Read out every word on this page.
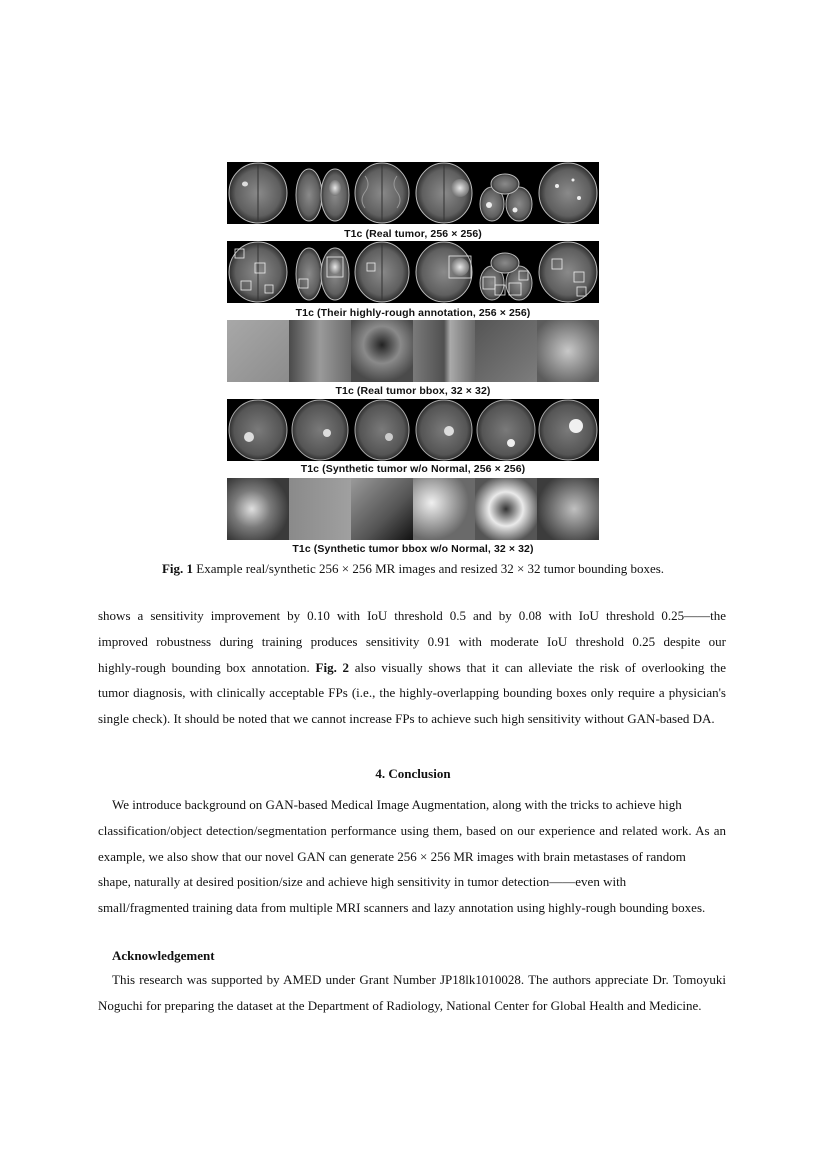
T1c (Real tumor, 256 × 256)
T1c (Their highly-rough annotation, 256 × 256)
T1c (Real tumor bbox, 32 × 32)
T1c (Synthetic tumor w/o Normal, 256 × 256)
T1c (Synthetic tumor bbox w/o Normal, 32 × 32)
Fig. 1 Example real/synthetic 256 × 256 MR images and resized 32 × 32 tumor bounding boxes.
shows a sensitivity improvement by 0.10 with IoU threshold 0.5 and by 0.08 with IoU threshold 0.25——the
improved robustness during training produces sensitivity 0.91 with moderate IoU threshold 0.25 despite our
highly-rough bounding box annotation. Fig. 2 also visually shows that it can alleviate the risk of overlooking the
tumor diagnosis, with clinically acceptable FPs (i.e., the highly-overlapping bounding boxes only require a physician's
single check). It should be noted that we cannot increase FPs to achieve such high sensitivity without GAN-based DA.
4. Conclusion
We introduce background on GAN-based Medical Image Augmentation, along with the tricks to achieve high
classification/object detection/segmentation performance using them, based on our experience and related work. As an
example, we also show that our novel GAN can generate 256 × 256 MR images with brain metastases of random
shape, naturally at desired position/size and achieve high sensitivity in tumor detection——even with
small/fragmented training data from multiple MRI scanners and lazy annotation using highly-rough bounding boxes.
Acknowledgement
This research was supported by AMED under Grant Number JP18lk1010028. The authors appreciate Dr. Tomoyuki
Noguchi for preparing the dataset at the Department of Radiology, National Center for Global Health and Medicine.
